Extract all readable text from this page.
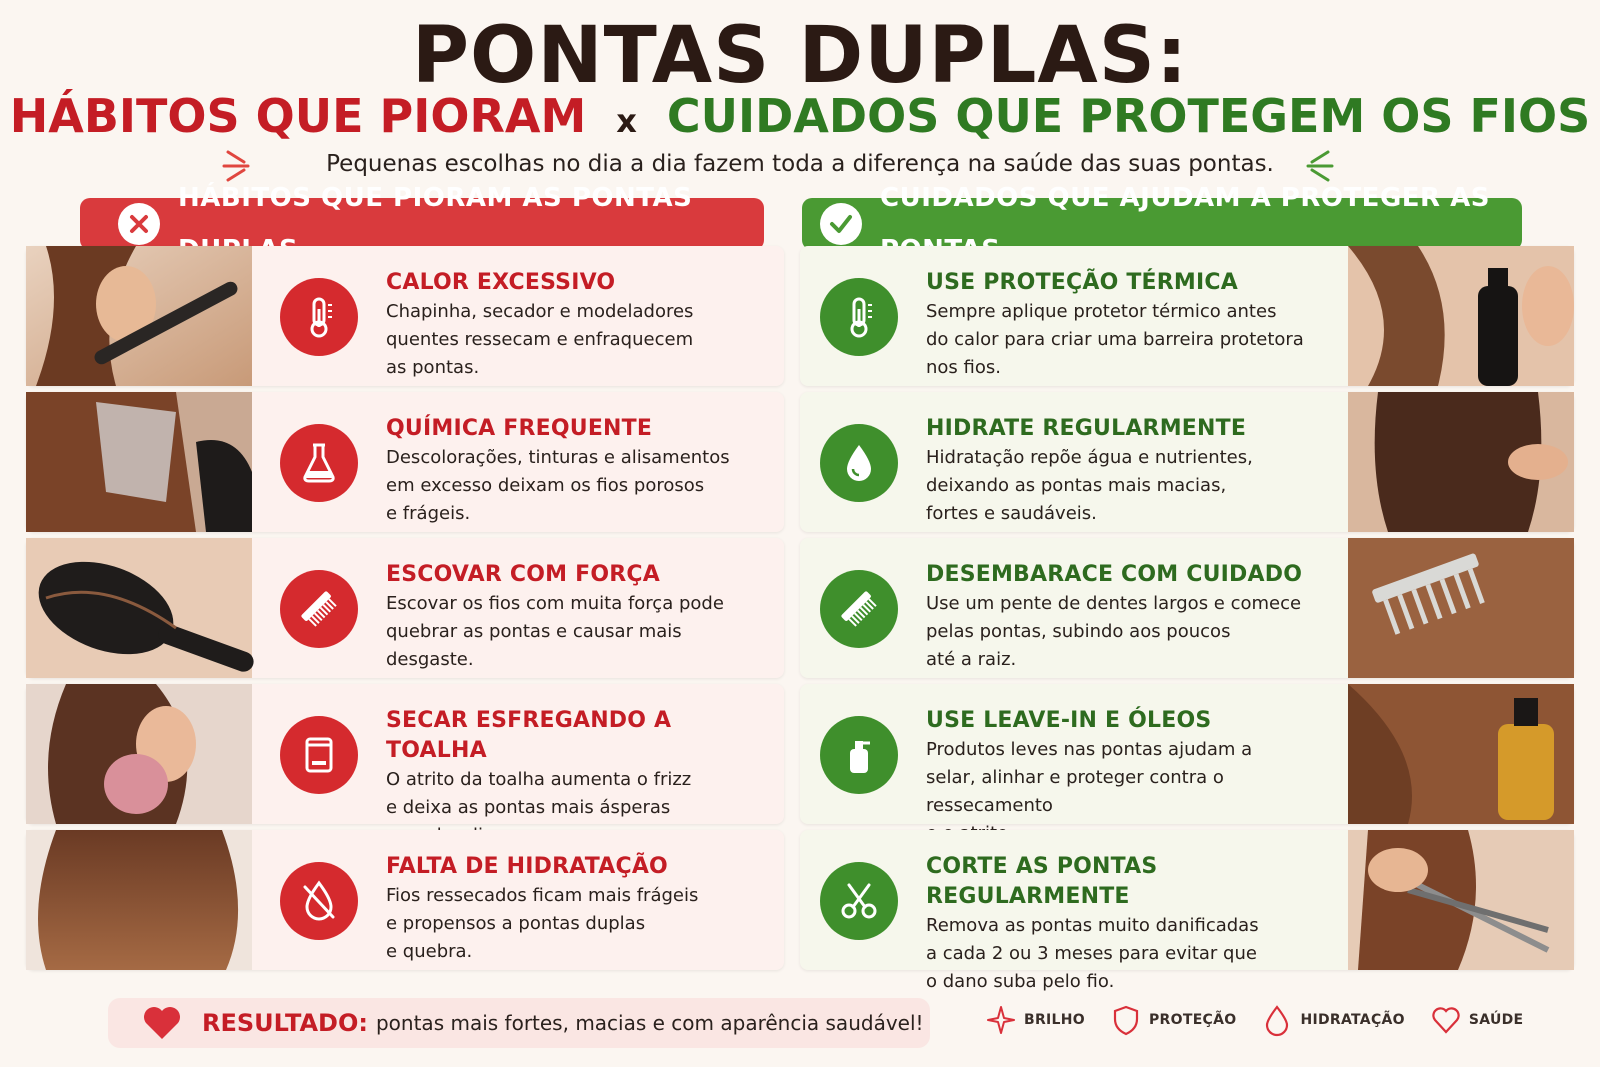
PONTAS DUPLAS:
HÁBITOS QUE PIORAM x CUIDADOS QUE PROTEGEM OS FIOS
Pequenas escolhas no dia a dia fazem toda a diferença na saúde das suas pontas.
HÁBITOS QUE PIORAM AS PONTAS	CUIDADOS QUE AJUDAM A PROTEGER AS
CALOR EXCESSIVO
Chapinha, secador e modeladores
quentes ressecam e enfraquecem
as pontas.
QUÍMICA FREQUENTE
Descolorações, tinturas e alisamentos
em excesso deixam os fios porosos
e frágeis.
ESCOVAR COM FORÇA
Escovar os fios com muita força pode
quebrar as pontas e causar mais
desgaste.
SECAR ESFREGANDO A TOALHA
O atrito da toalha aumenta o frizz
e deixa as pontas mais ásperas
FALTA DE HIDRATAÇÃO
Fios ressecados ficam mais frágeis
e propensos a pontas duplas
e quebra.
USE PROTEÇÃO TÉRMICA
Sempre aplique protetor térmico antes
do calor para criar uma barreira protetora
nos fios.
HIDRATE REGULARMENTE
Hidratação repõe água e nutrientes,
deixando as pontas mais macias,
fortes e saudáveis.
DESEMBARACE COM CUIDADO
Use um pente de dentes largos e comece
pelas pontas, subindo aos poucos
até a raiz.
USE LEAVE-IN E ÓLEOS
Produtos leves nas pontas ajudam a
selar, alinhar e proteger contra o ressecamento
CORTE AS PONTAS REGULARMENTE
Remova as pontas muito danificadas
a cada 2 ou 3 meses para evitar que
o dano suba pelo fio.
RESULTADO: pontas mais fortes, macias e com aparência saudável!	BRILHO	PROTEÇÃO	HIDRATAÇÃO	SAÚDE
